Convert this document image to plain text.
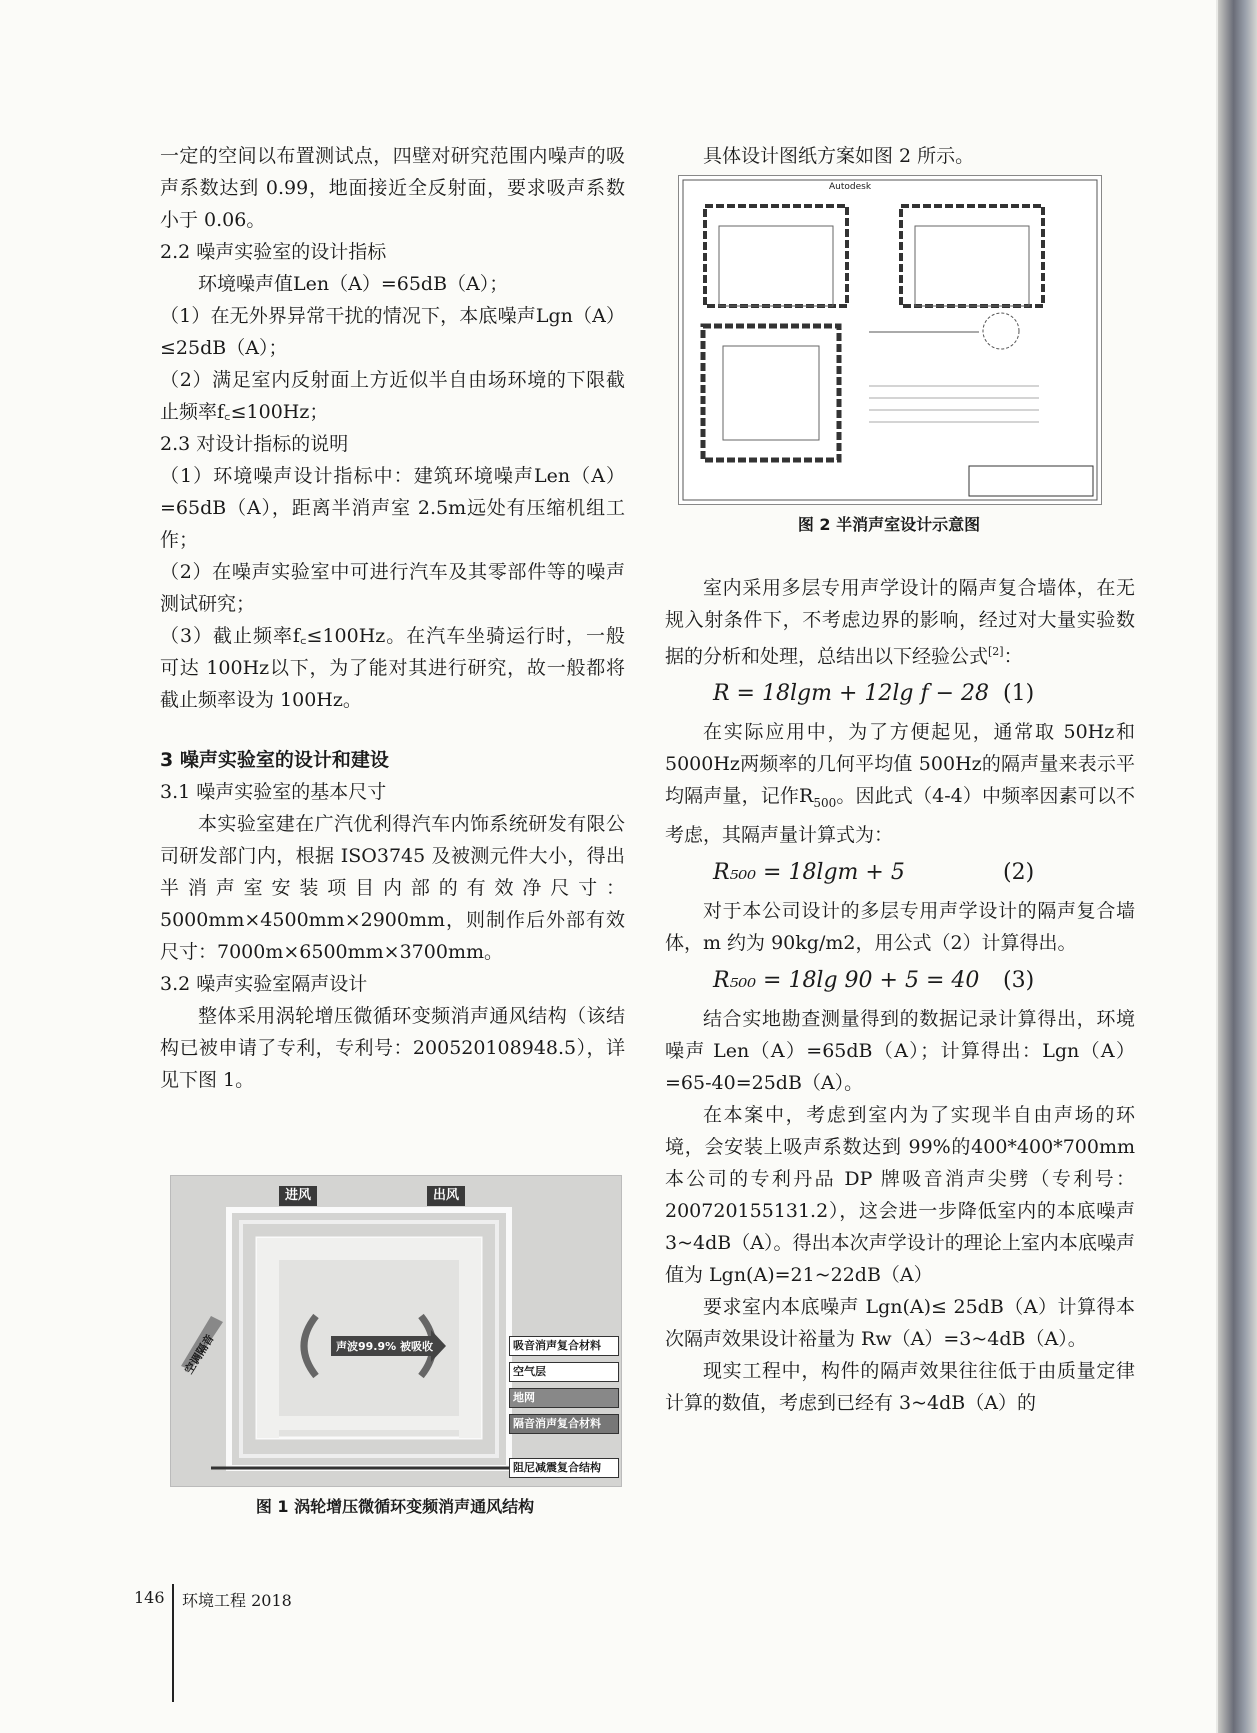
一定的空间以布置测试点，四壁对研究范围内噪声的吸声系数达到 0.99，地面接近全反射面，要求吸声系数小于 0.06。

2.2 噪声实验室的设计指标

环境噪声值Len（A）=65dB（A）；

（1）在无外界异常干扰的情况下，本底噪声Lgn（A）≤25dB（A）；

（2）满足室内反射面上方近似半自由场环境的下限截止频率f꜀≤100Hz；

2.3 对设计指标的说明

（1）环境噪声设计指标中：建筑环境噪声Len（A）=65dB（A），距离半消声室 2.5m远处有压缩机组工作；

（2）在噪声实验室中可进行汽车及其零部件等的噪声测试研究；

（3）截止频率f꜀≤100Hz。在汽车坐骑运行时，一般可达 100Hz以下，为了能对其进行研究，故一般都将截止频率设为 100Hz。

3 噪声实验室的设计和建设

3.1 噪声实验室的基本尺寸

本实验室建在广汽优利得汽车内饰系统研发有限公司研发部门内，根据 ISO3745 及被测元件大小，得出半消声室安装项目内部的有效净尺寸：5000mm×4500mm×2900mm，则制作后外部有效尺寸：7000m×6500mm×3700mm。

3.2 噪声实验室隔声设计

整体采用涡轮增压微循环变频消声通风结构（该结构已被申请了专利，专利号：200520108948.5），详见下图 1。

进风	出风
声波99.9% 被吸收
空调隔音	吸音消声复合材料
空气层
地网
隔音消声复合材料
阻尼减震复合结构
图 1 涡轮增压微循环变频消声通风结构

具体设计图纸方案如图 2 所示。

室内采用多层专用声学设计的隔声复合墙体，在无规入射条件下，不考虑边界的影响，经过对大量实验数据的分析和处理，总结出以下经验公式[2]：

R = 18lgm + 12lg f − 28 (1)

在实际应用中，为了方便起见，通常取 50Hz和 5000Hz两频率的几何平均值 500Hz的隔声量来表示平均隔声量，记作$R_{500}$。因此式（4-4）中频率因素可以不考虑，其隔声量计算式为：

R₅₀₀ = 18lgm + 5	(2)

对于本公司设计的多层专用声学设计的隔声复合墙体，m 约为 90kg/m2，用公式（2）计算得出。

R₅₀₀ = 18lg 90 + 5 = 40 (3)

结合实地勘查测量得到的数据记录计算得出，环境噪声 Len（A）=65dB（A）；计算得出：Lgn（A）=65-40=25dB（A）。

在本案中，考虑到室内为了实现半自由声场的环境，会安装上吸声系数达到 99%的400*400*700mm 本公司的专利丹品 DP 牌吸音消声尖劈（专利号：200720155131.2），这会进一步降低室内的本底噪声 3~4dB（A）。得出本次声学设计的理论上室内本底噪声值为 Lgn(A)=21~22dB（A）

要求室内本底噪声 Lgn(A)≤ 25dB（A）计算得本次隔声效果设计裕量为 Rw（A）=3~4dB（A）。

现实工程中，构件的隔声效果往往低于由质量定律计算的数值，考虑到已经有 3~4dB（A）的

Autodesk
图 2 半消声室设计示意图
146 环境工程 2018
